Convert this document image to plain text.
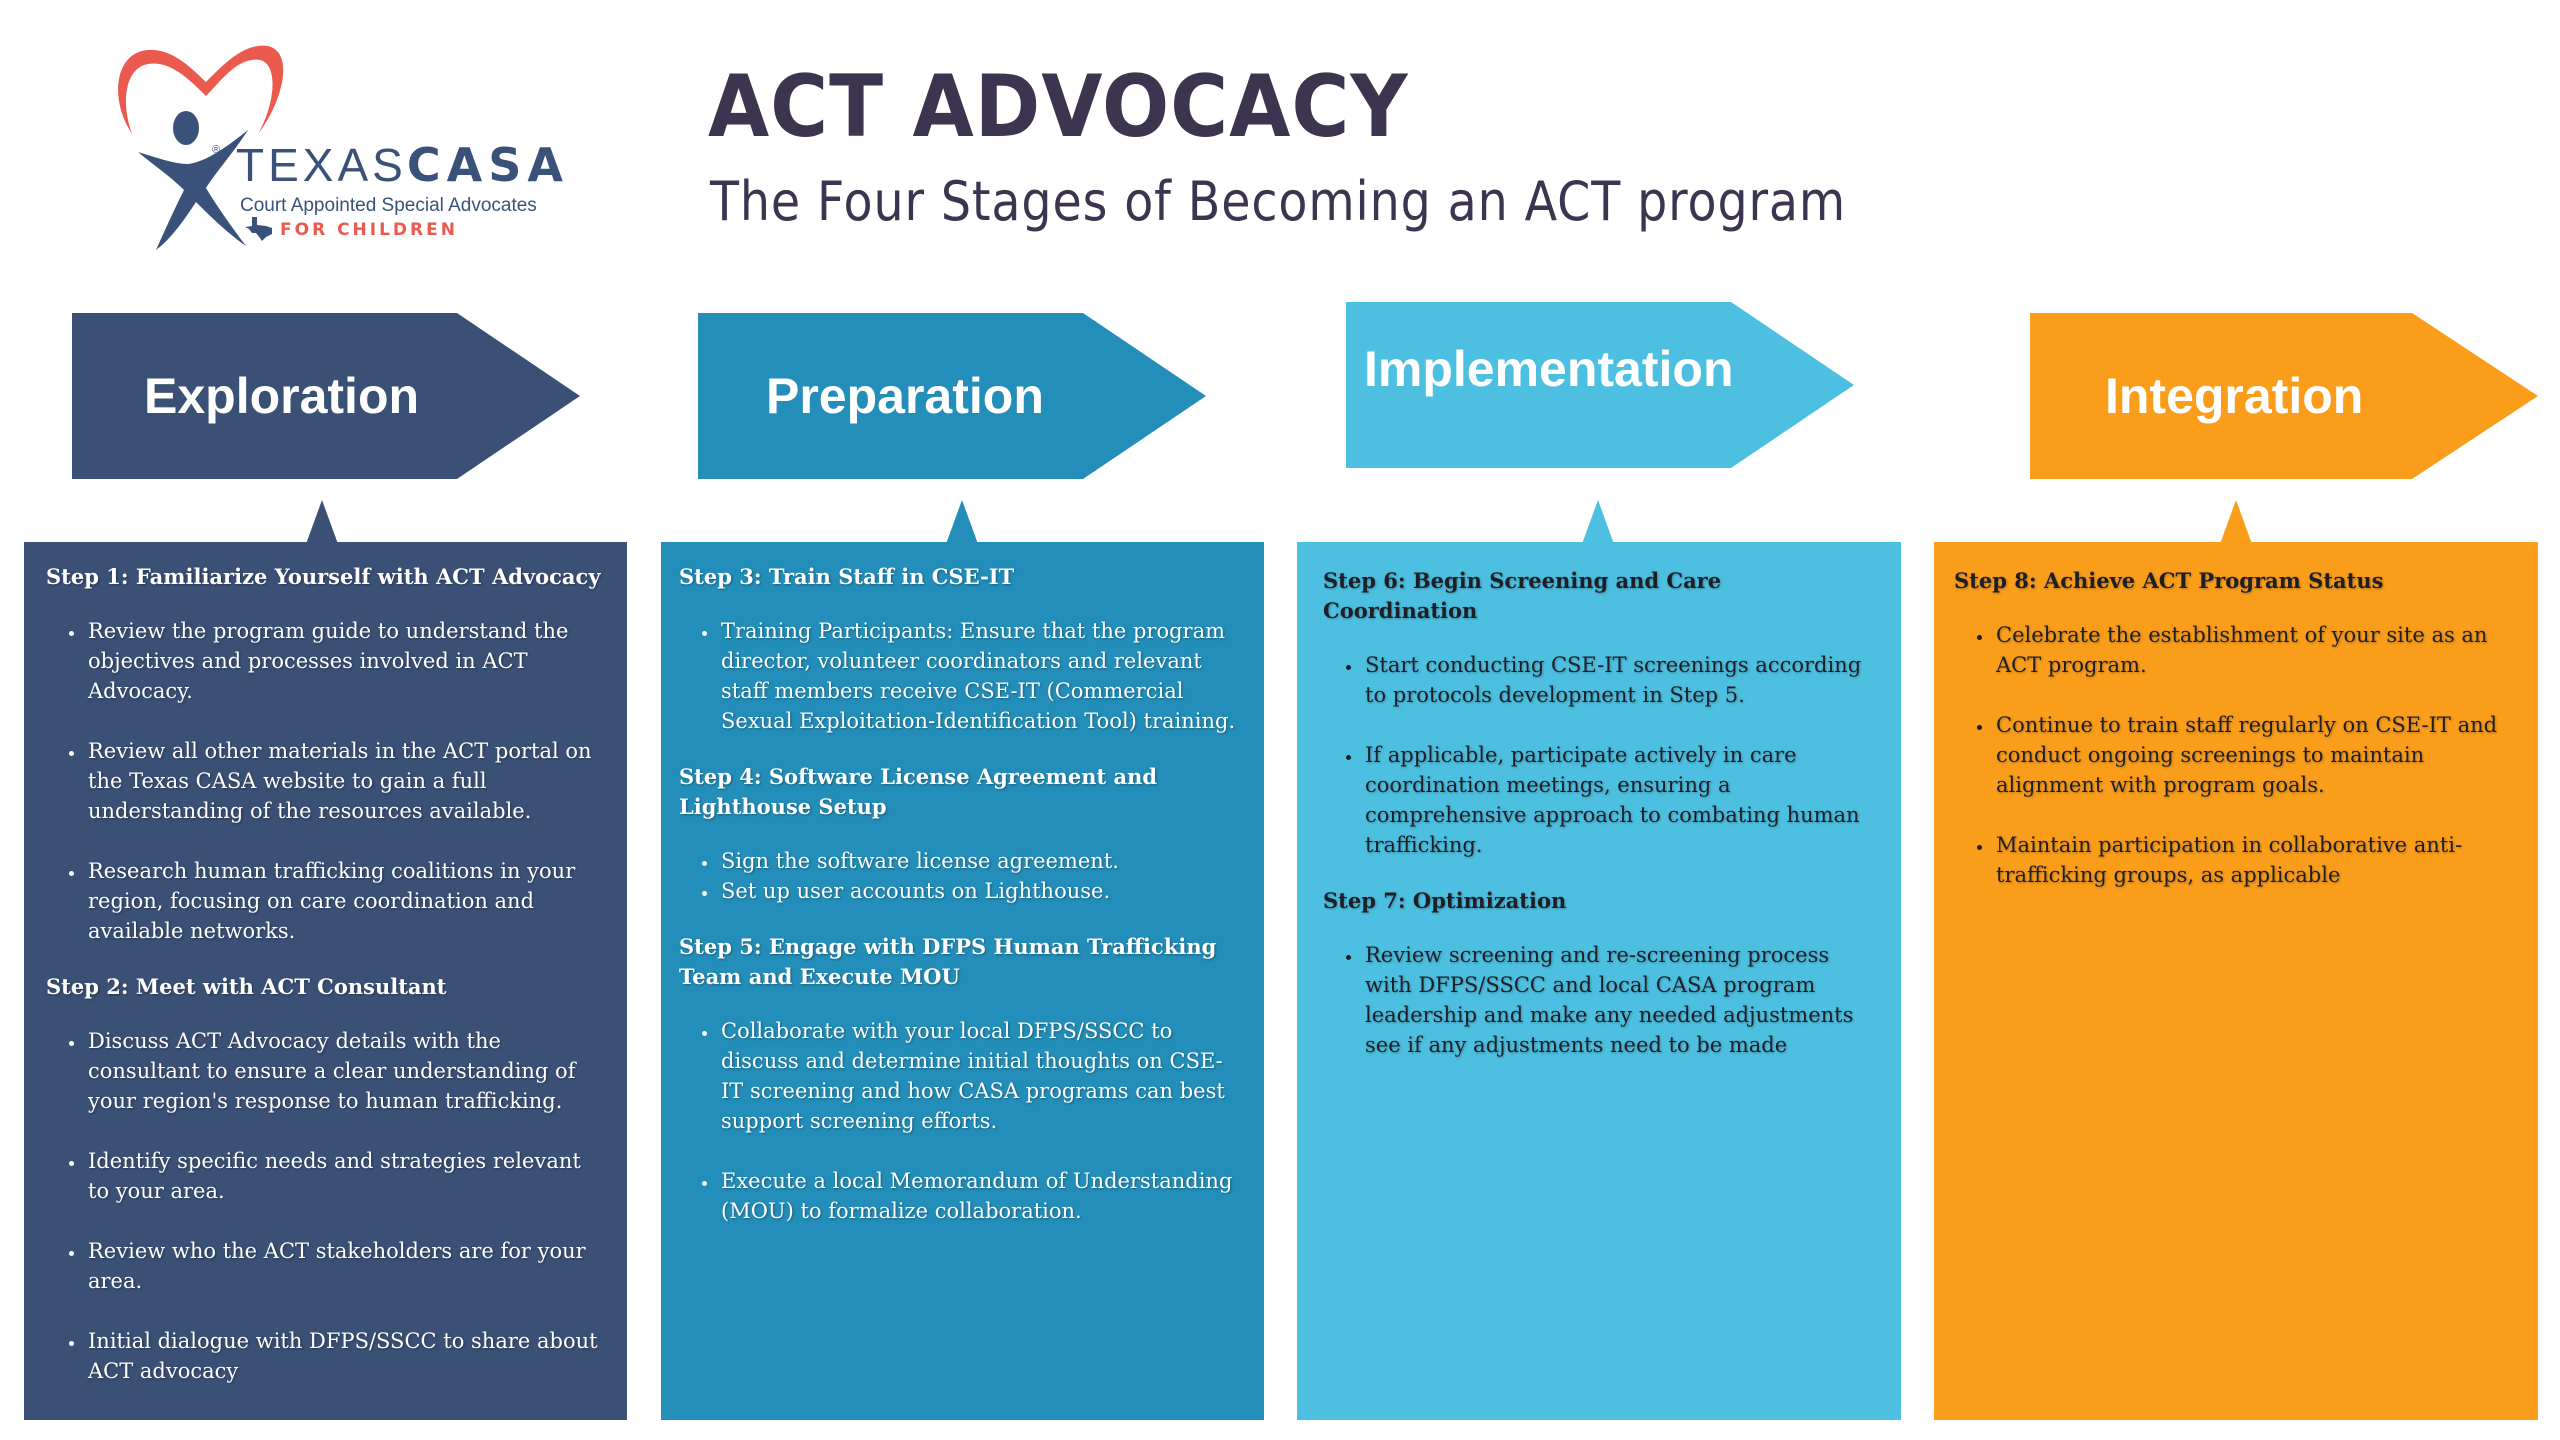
® TEXASCASA
Court Appointed Special Advocates
FOR CHILDREN
ACT ADVOCACY
The Four Stages of Becoming an ACT program
Exploration	Preparation	Implementation	Integration
Step 1: Familiarize Yourself with ACT Advocacy
• Review the program guide to understand the objectives and processes involved in ACT Advocacy.
• Review all other materials in the ACT portal on the Texas CASA website to gain a full understanding of the resources available.
• Research human trafficking coalitions in your region, focusing on care coordination and available networks.
Step 2: Meet with ACT Consultant
• Discuss ACT Advocacy details with the consultant to ensure a clear understanding of your region's response to human trafficking.
• Identify specific needs and strategies relevant to your area.
• Review who the ACT stakeholders are for your area.
• Initial dialogue with DFPS/SSCC to share about ACT advocacy
Step 3: Train Staff in CSE-IT
• Training Participants: Ensure that the program director, volunteer coordinators and relevant staff members receive CSE-IT (Commercial Sexual Exploitation-Identification Tool) training.
Step 4: Software License Agreement and Lighthouse Setup
• Sign the software license agreement.
• Set up user accounts on Lighthouse.
Step 5: Engage with DFPS Human Trafficking Team and Execute MOU
• Collaborate with your local DFPS/SSCC to discuss and determine initial thoughts on CSE-IT screening and how CASA programs can best support screening efforts.
• Execute a local Memorandum of Understanding (MOU) to formalize collaboration.
Step 6: Begin Screening and Care Coordination
• Start conducting CSE-IT screenings according to protocols development in Step 5.
• If applicable, participate actively in care coordination meetings, ensuring a comprehensive approach to combating human trafficking.
Step 7: Optimization
• Review screening and re-screening process with DFPS/SSCC and local CASA program leadership and make any needed adjustments see if any adjustments need to be made
Step 8: Achieve ACT Program Status
• Celebrate the establishment of your site as an ACT program.
• Continue to train staff regularly on CSE-IT and conduct ongoing screenings to maintain alignment with program goals.
• Maintain participation in collaborative anti-trafficking groups, as applicable
